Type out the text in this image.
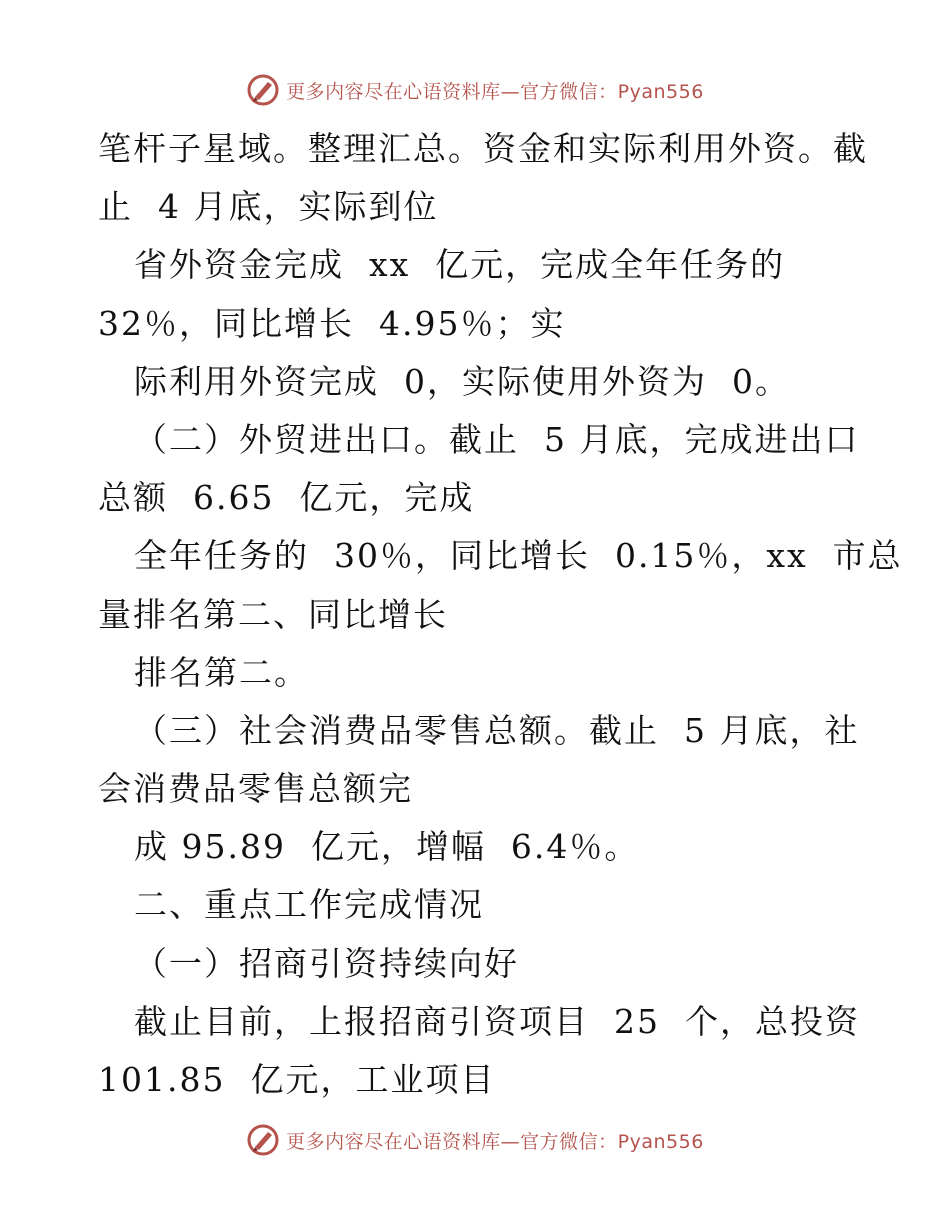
更多内容尽在心语资料库—官方微信：Pyan556
笔杆子星域。整理汇总。资金和实际利用外资。截
止  4 月底，实际到位
省外资金完成  xx  亿元，完成全年任务的
32％，同比增长  4.95％；实
际利用外资完成  0，实际使用外资为  0。
（二）外贸进出口。截止  5 月底，完成进出口
总额  6.65  亿元，完成
全年任务的  30％，同比增长  0.15％，xx  市总
量排名第二、同比增长
排名第二。
（三）社会消费品零售总额。截止  5 月底，社
会消费品零售总额完
成 95.89  亿元，增幅  6.4％。
二、重点工作完成情况
（一）招商引资持续向好
截止目前，上报招商引资项目  25  个，总投资
101.85  亿元，工业项目
更多内容尽在心语资料库—官方微信：Pyan556
